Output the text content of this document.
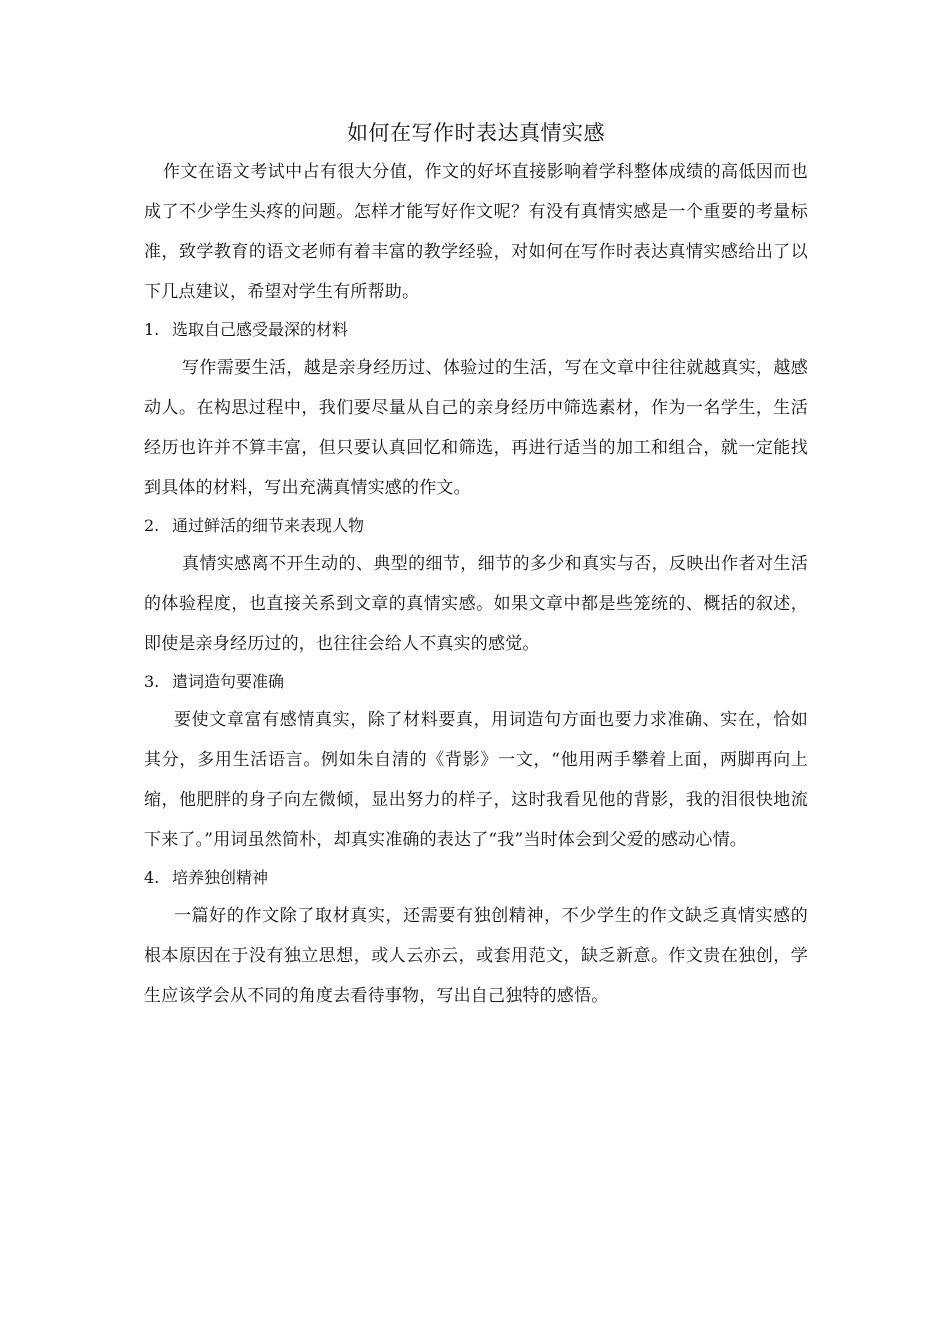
如何在写作时表达真情实感

作文在语文考试中占有很大分值，作文的好坏直接影响着学科整体成绩的高低因而也成了不少学生头疼的问题。怎样才能写好作文呢？有没有真情实感是一个重要的考量标准，致学教育的语文老师有着丰富的教学经验，对如何在写作时表达真情实感给出了以下几点建议，希望对学生有所帮助。

1. 选取自己感受最深的材料

写作需要生活，越是亲身经历过、体验过的生活，写在文章中往往就越真实，越感动人。在构思过程中，我们要尽量从自己的亲身经历中筛选素材，作为一名学生，生活经历也许并不算丰富，但只要认真回忆和筛选，再进行适当的加工和组合，就一定能找到具体的材料，写出充满真情实感的作文。

2. 通过鲜活的细节来表现人物

真情实感离不开生动的、典型的细节，细节的多少和真实与否，反映出作者对生活的体验程度，也直接关系到文章的真情实感。如果文章中都是些笼统的、概括的叙述，即使是亲身经历过的，也往往会给人不真实的感觉。

3. 遣词造句要准确

要使文章富有感情真实，除了材料要真，用词造句方面也要力求准确、实在，恰如其分，多用生活语言。例如朱自清的《背影》一文，“他用两手攀着上面，两脚再向上缩，他肥胖的身子向左微倾，显出努力的样子，这时我看见他的背影，我的泪很快地流下来了。”用词虽然简朴，却真实准确的表达了“我”当时体会到父爱的感动心情。

4. 培养独创精神

一篇好的作文除了取材真实，还需要有独创精神，不少学生的作文缺乏真情实感的根本原因在于没有独立思想，或人云亦云，或套用范文，缺乏新意。作文贵在独创，学生应该学会从不同的角度去看待事物，写出自己独特的感悟。
